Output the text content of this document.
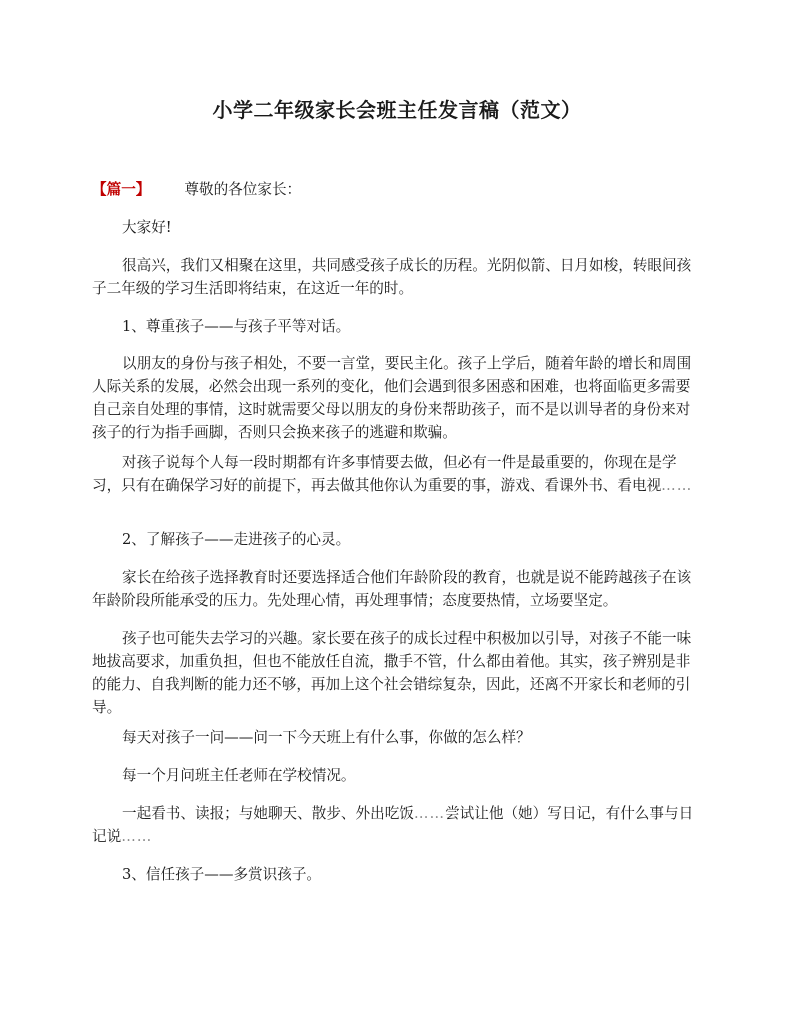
小学二年级家长会班主任发言稿（范文）

【篇一】 尊敬的各位家长：

大家好!

很高兴，我们又相聚在这里，共同感受孩子成长的历程。光阴似箭、日月如梭，转眼间孩子二年级的学习生活即将结束，在这近一年的时。

1、尊重孩子——与孩子平等对话。

以朋友的身份与孩子相处，不要一言堂，要民主化。孩子上学后，随着年龄的增长和周围人际关系的发展，必然会出现一系列的变化，他们会遇到很多困惑和困难，也将面临更多需要自己亲自处理的事情，这时就需要父母以朋友的身份来帮助孩子，而不是以训导者的身份来对孩子的行为指手画脚，否则只会换来孩子的逃避和欺骗。

对孩子说每个人每一段时期都有许多事情要去做，但必有一件是最重要的，你现在是学习，只有在确保学习好的前提下，再去做其他你认为重要的事，游戏、看课外书、看电视……

2、了解孩子——走进孩子的心灵。

家长在给孩子选择教育时还要选择适合他们年龄阶段的教育，也就是说不能跨越孩子在该年龄阶段所能承受的压力。先处理心情，再处理事情；态度要热情，立场要坚定。

孩子也可能失去学习的兴趣。家长要在孩子的成长过程中积极加以引导，对孩子不能一味地拔高要求，加重负担，但也不能放任自流，撒手不管，什么都由着他。其实，孩子辨别是非的能力、自我判断的能力还不够，再加上这个社会错综复杂，因此，还离不开家长和老师的引导。

每天对孩子一问——问一下今天班上有什么事，你做的怎么样？

每一个月问班主任老师在学校情况。

一起看书、读报；与她聊天、散步、外出吃饭……尝试让他（她）写日记，有什么事与日记说……

3、信任孩子——多赏识孩子。
